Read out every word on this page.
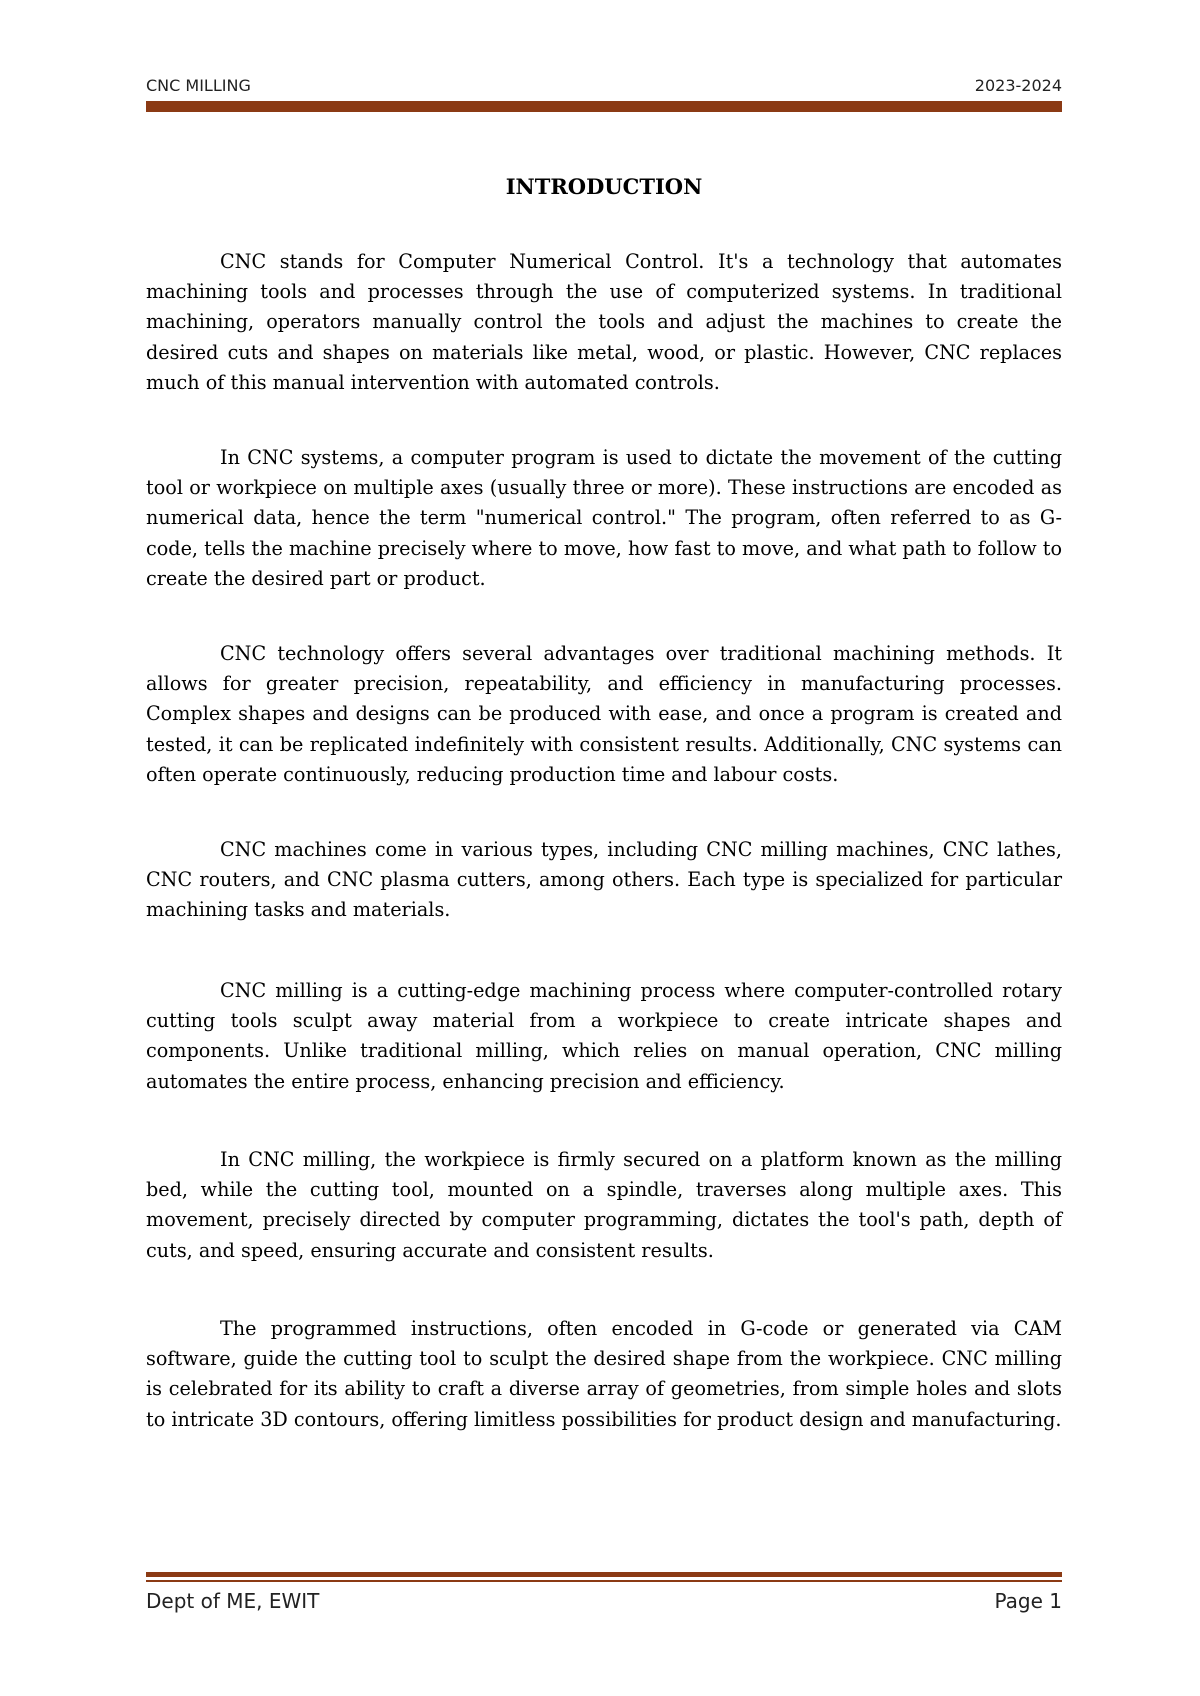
CNC MILLING	2023-2024
INTRODUCTION

CNC stands for Computer Numerical Control. It's a technology that automates machining tools and processes through the use of computerized systems. In traditional machining, operators manually control the tools and adjust the machines to create the desired cuts and shapes on materials like metal, wood, or plastic. However, CNC replaces much of this manual intervention with automated controls.

In CNC systems, a computer program is used to dictate the movement of the cutting tool or workpiece on multiple axes (usually three or more). These instructions are encoded as numerical data, hence the term "numerical control." The program, often referred to as G-code, tells the machine precisely where to move, how fast to move, and what path to follow to create the desired part or product.

CNC technology offers several advantages over traditional machining methods. It allows for greater precision, repeatability, and efficiency in manufacturing processes. Complex shapes and designs can be produced with ease, and once a program is created and tested, it can be replicated indefinitely with consistent results. Additionally, CNC systems can often operate continuously, reducing production time and labour costs.

CNC machines come in various types, including CNC milling machines, CNC lathes, CNC routers, and CNC plasma cutters, among others. Each type is specialized for particular machining tasks and materials.

CNC milling is a cutting-edge machining process where computer-controlled rotary cutting tools sculpt away material from a workpiece to create intricate shapes and components. Unlike traditional milling, which relies on manual operation, CNC milling automates the entire process, enhancing precision and efficiency.

In CNC milling, the workpiece is firmly secured on a platform known as the milling bed, while the cutting tool, mounted on a spindle, traverses along multiple axes. This movement, precisely directed by computer programming, dictates the tool's path, depth of cuts, and speed, ensuring accurate and consistent results.

The programmed instructions, often encoded in G-code or generated via CAM software, guide the cutting tool to sculpt the desired shape from the workpiece. CNC milling is celebrated for its ability to craft a diverse array of geometries, from simple holes and slots to intricate 3D contours, offering limitless possibilities for product design and manufacturing.

Dept of ME, EWIT	Page 1
